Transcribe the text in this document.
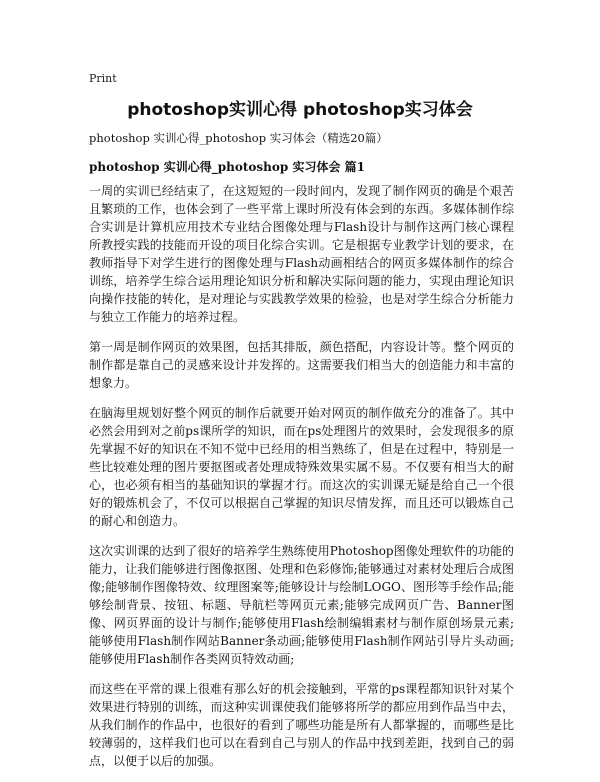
Print
photoshop实训心得 photoshop实习体会

photoshop 实训心得_photoshop 实习体会（精选20篇）

photoshop 实训心得_photoshop 实习体会 篇1

一周的实训已经结束了，在这短短的一段时间内，发现了制作网页的确是个艰苦且繁琐的工作，也体会到了一些平常上课时所没有体会到的东西。多媒体制作综合实训是计算机应用技术专业结合图像处理与Flash设计与制作这两门核心课程所教授实践的技能而开设的项目化综合实训。它是根据专业教学计划的要求，在教师指导下对学生进行的图像处理与Flash动画相结合的网页多媒体制作的综合训练，培养学生综合运用理论知识分析和解决实际问题的能力，实现由理论知识向操作技能的转化，是对理论与实践教学效果的检验，也是对学生综合分析能力与独立工作能力的培养过程。

第一周是制作网页的效果图，包括其排版，颜色搭配，内容设计等。整个网页的制作都是靠自己的灵感来设计并发挥的。这需要我们相当大的创造能力和丰富的想象力。

在脑海里规划好整个网页的制作后就要开始对网页的制作做充分的准备了。其中必然会用到对之前ps课所学的知识，而在ps处理图片的效果时，会发现很多的原先掌握不好的知识在不知不觉中已经用的相当熟练了，但是在过程中，特别是一些比较难处理的图片要抠图或者处理成特殊效果实属不易。不仅要有相当大的耐心，也必须有相当的基础知识的掌握才行。而这次的实训课无疑是给自己一个很好的锻炼机会了，不仅可以根据自己掌握的知识尽情发挥，而且还可以锻炼自己的耐心和创造力。

这次实训课的达到了很好的培养学生熟练使用Photoshop图像处理软件的功能的能力，让我们能够进行图像抠图、处理和色彩修饰;能够通过对素材处理后合成图像;能够制作图像特效、纹理图案等;能够设计与绘制LOGO、图形等手绘作品;能够绘制背景、按钮、标题、导航栏等网页元素;能够完成网页广告、Banner图像、网页界面的设计与制作;能够使用Flash绘制编辑素材与制作原创场景元素;能够使用Flash制作网站Banner条动画;能够使用Flash制作网站引导片头动画;能够使用Flash制作各类网页特效动画;

而这些在平常的课上很难有那么好的机会接触到，平常的ps课程都知识针对某个效果进行特别的训练，而这种实训课使我们能够将所学的都应用到作品当中去，从我们制作的作品中，也很好的看到了哪些功能是所有人都掌握的，而哪些是比较薄弱的，这样我们也可以在看到自己与别人的作品中找到差距，找到自己的弱点，以便于以后的加强。
